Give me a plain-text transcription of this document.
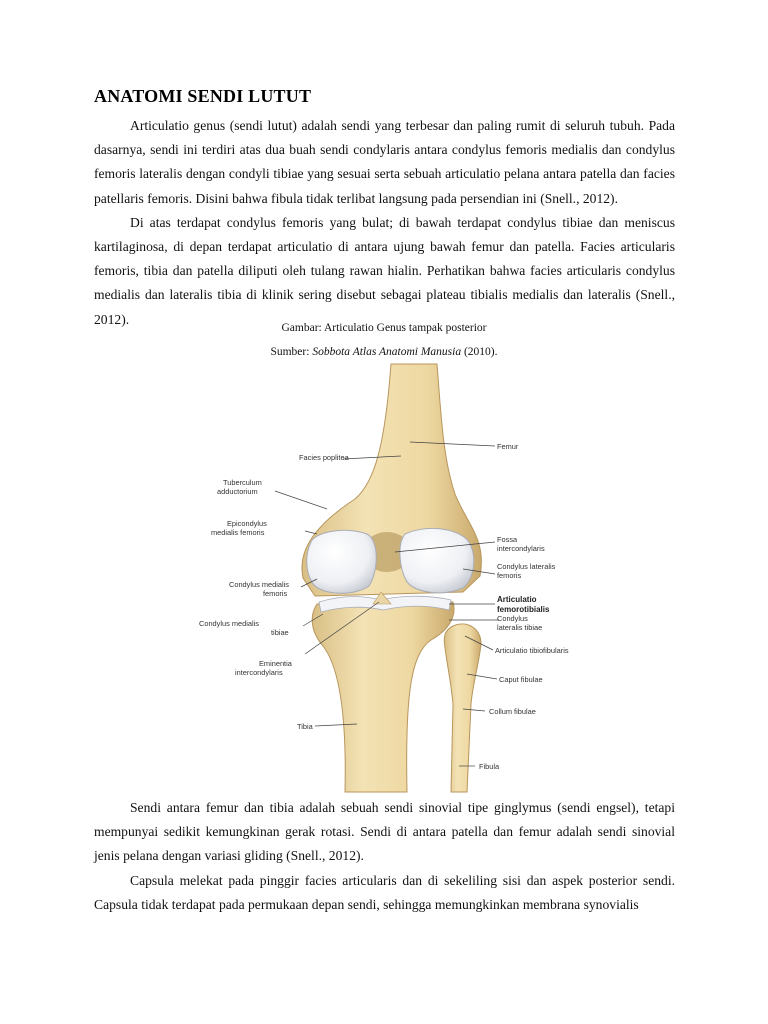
ANATOMI SENDI LUTUT

Articulatio genus (sendi lutut) adalah sendi yang terbesar dan paling rumit di seluruh tubuh. Pada dasarnya, sendi ini terdiri atas dua buah sendi condylaris antara condylus femoris medialis dan condylus femoris lateralis dengan condyli tibiae yang sesuai serta sebuah articulatio pelana antara patella dan facies patellaris femoris. Disini bahwa fibula tidak terlibat langsung pada persendian ini (Snell., 2012).

Di atas terdapat condylus femoris yang bulat; di bawah terdapat condylus tibiae dan meniscus kartilaginosa, di depan terdapat articulatio di antara ujung bawah femur dan patella. Facies articularis femoris, tibia dan patella diliputi oleh tulang rawan hialin. Perhatikan bahwa facies articularis condylus medialis dan lateralis tibia di klinik sering disebut sebagai plateau tibialis medialis dan lateralis (Snell., 2012).

Gambar: Articulatio Genus tampak posterior
Sumber: Sobbota Atlas Anatomi Manusia (2010).
Facies poplitea
Femur
Tuberculum
adductorium
Epicondylus
medialis femoris
Fossa
intercondylaris
Condylus lateralis
femoris
Condylus medialis
femoris
Articulatio
femorotibialis
Condylus
lateralis tibiae
Condylus medialis
tibiae
Articulatio tibiofibularis
Eminentia
intercondylaris
Caput fibulae
Collum fibulae
Tibia
Fibula

Sendi antara femur dan tibia adalah sebuah sendi sinovial tipe ginglymus (sendi engsel), tetapi mempunyai sedikit kemungkinan gerak rotasi. Sendi di antara patella dan femur adalah sendi sinovial jenis pelana dengan variasi gliding (Snell., 2012).

Capsula melekat pada pinggir facies articularis dan di sekeliling sisi dan aspek posterior sendi. Capsula tidak terdapat pada permukaan depan sendi, sehingga memungkinkan membrana synovialis
